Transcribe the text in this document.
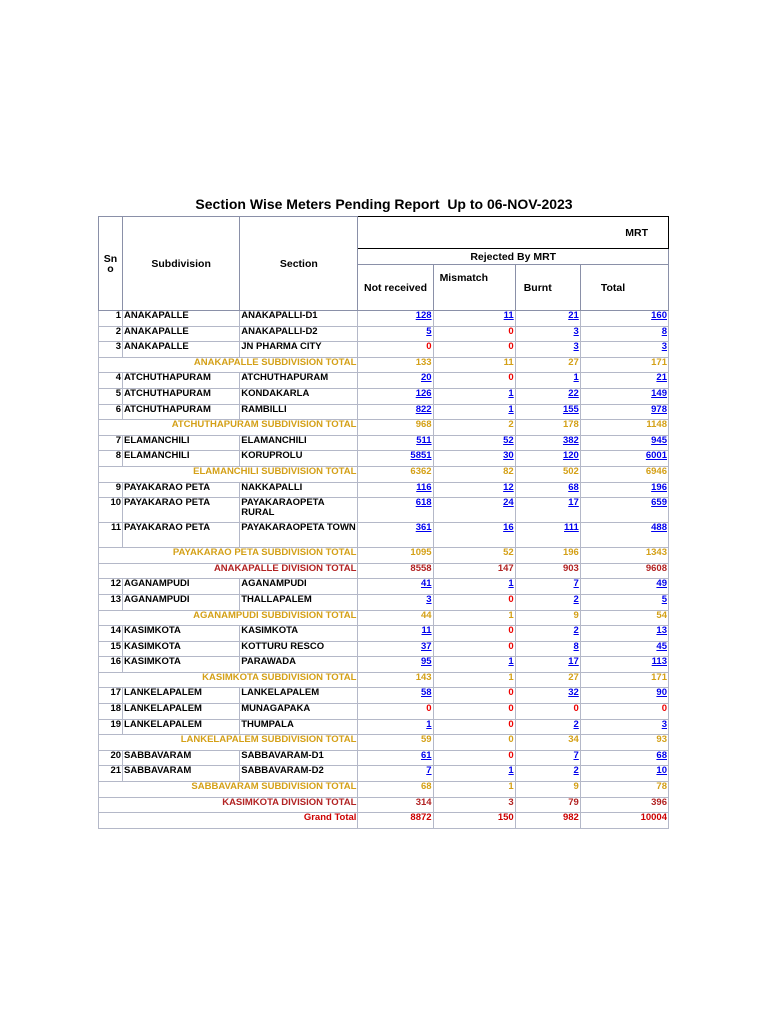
Section Wise Meters Pending Report  Up to 06-NOV-2023
Sn o	Subdivision	Section	MRT			
			Rejected By MRT			
			Not received	Mismatch	Burnt	Total
1	ANAKAPALLE	ANAKAPALLI-D1	128	11	21	160
2	ANAKAPALLE	ANAKAPALLI-D2	5	0	3	8
3	ANAKAPALLE	JN PHARMA CITY	0	0	3	3
ANAKAPALLE SUBDIVISION TOTAL			133	11	27	171
4	ATCHUTHAPURAM	ATCHUTHAPURAM	20	0	1	21
5	ATCHUTHAPURAM	KONDAKARLA	126	1	22	149
6	ATCHUTHAPURAM	RAMBILLI	822	1	155	978
ATCHUTHAPURAM SUBDIVISION TOTAL			968	2	178	1148
7	ELAMANCHILI	ELAMANCHILI	511	52	382	945
8	ELAMANCHILI	KORUPROLU	5851	30	120	6001
ELAMANCHILI SUBDIVISION TOTAL			6362	82	502	6946
9	PAYAKARAO PETA	NAKKAPALLI	116	12	68	196
10	PAYAKARAO PETA	PAYAKARAOPETA RURAL	618	24	17	659
11	PAYAKARAO PETA	PAYAKARAOPETA TOWN	361	16	111	488
PAYAKARAO PETA SUBDIVISION TOTAL			1095	52	196	1343
ANAKAPALLE DIVISION TOTAL			8558	147	903	9608
12	AGANAMPUDI	AGANAMPUDI	41	1	7	49
13	AGANAMPUDI	THALLAPALEM	3	0	2	5
AGANAMPUDI SUBDIVISION TOTAL			44	1	9	54
14	KASIMKOTA	KASIMKOTA	11	0	2	13
15	KASIMKOTA	KOTTURU RESCO	37	0	8	45
16	KASIMKOTA	PARAWADA	95	1	17	113
KASIMKOTA SUBDIVISION TOTAL			143	1	27	171
17	LANKELAPALEM	LANKELAPALEM	58	0	32	90
18	LANKELAPALEM	MUNAGAPAKA	0	0	0	0
19	LANKELAPALEM	THUMPALA	1	0	2	3
LANKELAPALEM SUBDIVISION TOTAL			59	0	34	93
20	SABBAVARAM	SABBAVARAM-D1	61	0	7	68
21	SABBAVARAM	SABBAVARAM-D2	7	1	2	10
SABBAVARAM SUBDIVISION TOTAL			68	1	9	78
KASIMKOTA DIVISION TOTAL			314	3	79	396
Grand Total			8872	150	982	10004
